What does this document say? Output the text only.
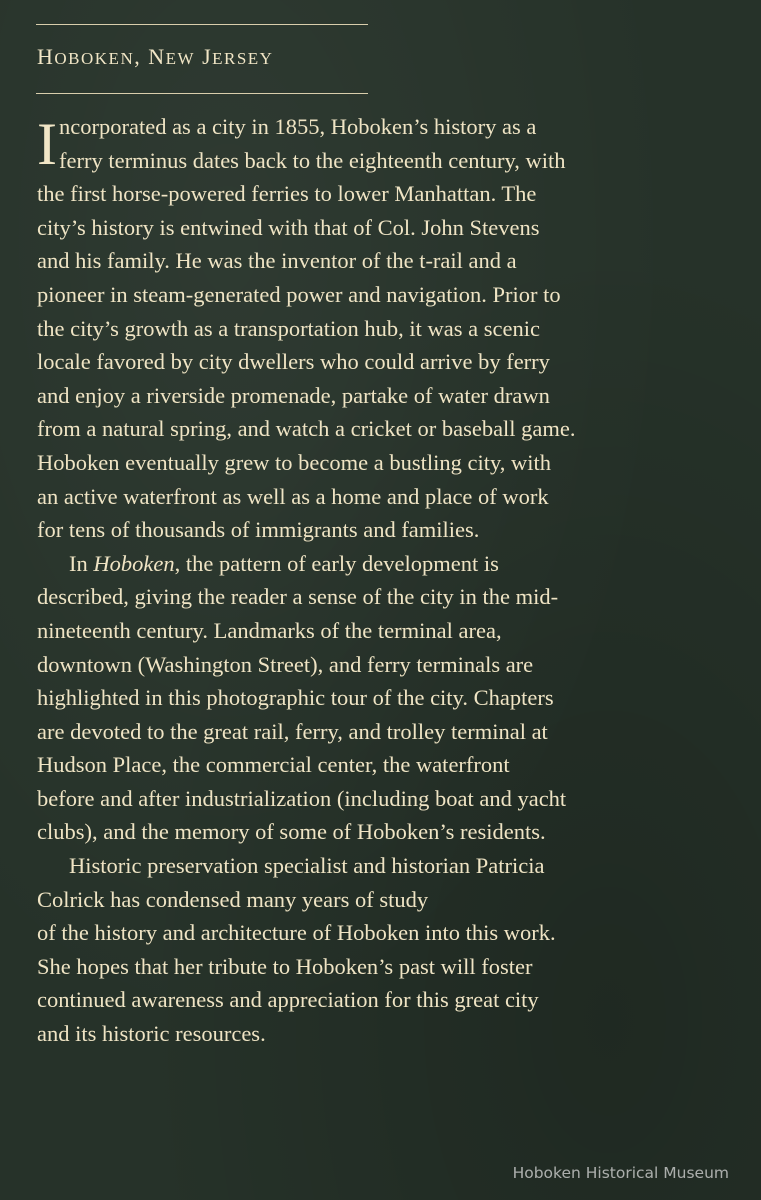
HOBOKEN, NEW JERSEY
I ncorporated as a city in 1855, Hoboken’s history as a
ferry terminus dates back to the eighteenth century, with
the first horse-powered ferries to lower Manhattan. The
city’s history is entwined with that of Col. John Stevens
and his family. He was the inventor of the t-rail and a
pioneer in steam-generated power and navigation. Prior to
the city’s growth as a transportation hub, it was a scenic
locale favored by city dwellers who could arrive by ferry
and enjoy a riverside promenade, partake of water drawn
from a natural spring, and watch a cricket or baseball game.
Hoboken eventually grew to become a bustling city, with
an active waterfront as well as a home and place of work
for tens of thousands of immigrants and families.
In Hoboken, the pattern of early development is
described, giving the reader a sense of the city in the mid-
nineteenth century. Landmarks of the terminal area,
downtown (Washington Street), and ferry terminals are
highlighted in this photographic tour of the city. Chapters
are devoted to the great rail, ferry, and trolley terminal at
Hudson Place, the commercial center, the waterfront
before and after industrialization (including boat and yacht
clubs), and the memory of some of Hoboken’s residents.
Historic preservation specialist and historian Patricia
Colrick has condensed many years of study
of the history and architecture of Hoboken into this work.
She hopes that her tribute to Hoboken’s past will foster
continued awareness and appreciation for this great city
and its historic resources.
Hoboken Historical Museum
